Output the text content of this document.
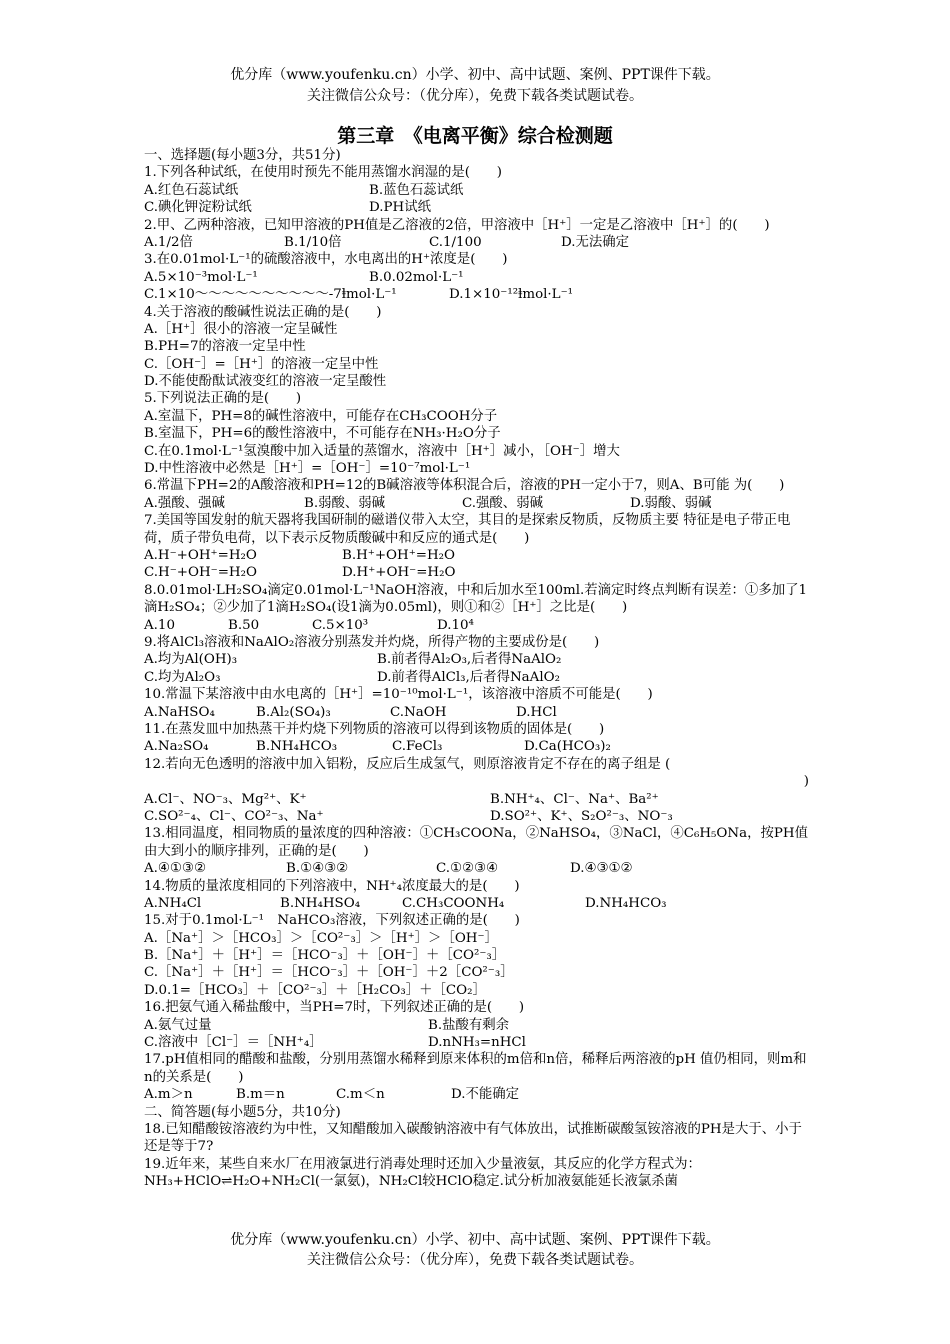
优分库（www.youfenku.cn）小学、初中、高中试题、案例、PPT课件下载。
关注微信公众号：（优分库），免费下载各类试题试卷。
第三章　《电离平衡》综合检测题
一、选择题(每小题3分，共51分)
1.下列各种试纸，在使用时预先不能用蒸馏水润湿的是(　　)
A.红色石蕊试纸	B.蓝色石蕊试纸
C.碘化钾淀粉试纸	D.PH试纸
2.甲、乙两种溶液，已知甲溶液的PH值是乙溶液的2倍，甲溶液中［H⁺］一定是乙溶液中［H⁺］的(　　)
A.1/2倍	B.1/10倍	C.1/100	D.无法确定
3.在0.01mol·L⁻¹的硫酸溶液中，水电离出的H⁺浓度是(　　)
A.5×10⁻³mol·L⁻¹	B.0.02mol·L⁻¹
C.1×10〜〜〜〜〜〜〜〜〜〜-7ⱡmol·L⁻¹	D.1×10⁻¹²ⱡmol·L⁻¹
4.关于溶液的酸碱性说法正确的是(　　)
A.［H⁺］很小的溶液一定呈碱性
B.PH=7的溶液一定呈中性
C.［OH⁻］=［H⁺］的溶液一定呈中性
D.不能使酚酞试液变红的溶液一定呈酸性
5.下列说法正确的是(　　)
A.室温下，PH=8的碱性溶液中，可能存在CH₃COOH分子
B.室温下，PH=6的酸性溶液中，不可能存在NH₃·H₂O分子
C.在0.1mol·L⁻¹氢溴酸中加入适量的蒸馏水，溶液中［H⁺］减小，［OH⁻］增大
D.中性溶液中必然是［H⁺］=［OH⁻］=10⁻⁷mol·L⁻¹
6.常温下PH=2的A酸溶液和PH=12的B碱溶液等体积混合后，溶液的PH一定小于7，则A、B可能 为(　　)
A.强酸、强碱	B.弱酸、弱碱	C.强酸、弱碱	D.弱酸、弱碱
7.美国等国发射的航天器将我国研制的磁谱仪带入太空，其目的是探索反物质，反物质主要 特征是电子带正电荷，质子带负电荷，以下表示反物质酸碱中和反应的通式是(　　)
A.H⁻+OH⁺=H₂O	B.H⁺+OH⁺=H₂O
C.H⁻+OH⁻=H₂O	D.H⁺+OH⁻=H₂O
8.0.01mol·LH₂SO₄滴定0.01mol·L⁻¹NaOH溶液，中和后加水至100ml.若滴定时终点判断有误差：①多加了1滴H₂SO₄；②少加了1滴H₂SO₄(设1滴为0.05ml)，则①和②［H⁺］之比是(　　)
A.10	B.50	C.5×10³	D.10⁴
9.将AlCl₃溶液和NaAlO₂溶液分别蒸发并灼烧，所得产物的主要成份是(　　)
A.均为Al(OH)₃	B.前者得Al₂O₃,后者得NaAlO₂
C.均为Al₂O₃	D.前者得AlCl₃,后者得NaAlO₂
10.常温下某溶液中由水电离的［H⁺］=10⁻¹⁰mol·L⁻¹，该溶液中溶质不可能是(　　)
A.NaHSO₄	B.Al₂(SO₄)₃	C.NaOH	D.HCl
11.在蒸发皿中加热蒸干并灼烧下列物质的溶液可以得到该物质的固体是(　　)
A.Na₂SO₄	B.NH₄HCO₃	C.FeCl₃	D.Ca(HCO₃)₂
12.若向无色透明的溶液中加入铝粉，反应后生成氢气，则原溶液肯定不存在的离子组是 (
)
A.Cl⁻、NO⁻₃、Mg²⁺、K⁺	B.NH⁺₄、Cl⁻、Na⁺、Ba²⁺
C.SO²⁻₄、Cl⁻、CO²⁻₃、Na⁺	D.SO²⁺、K⁺、S₂O²⁻₃、NO⁻₃
13.相同温度，相同物质的量浓度的四种溶液：①CH₃COONa，②NaHSO₄，③NaCl，④C₆H₅ONa，按PH值由大到小的顺序排列，正确的是(　　)
A.④①③②	B.①④③②	C.①②③④	D.④③①②
14.物质的量浓度相同的下列溶液中，NH⁺₄浓度最大的是(　　)
A.NH₄Cl	B.NH₄HSO₄	C.CH₃COONH₄	D.NH₄HCO₃
15.对于0.1mol·L⁻¹　NaHCO₃溶液，下列叙述正确的是(　　)
A.［Na⁺］＞［HCO₃］＞［CO²⁻₃］＞［H⁺］＞［OH⁻］
B.［Na⁺］＋［H⁺］＝［HCO⁻₃］＋［OH⁻］＋［CO²⁻₃］
C.［Na⁺］＋［H⁺］＝［HCO⁻₃］＋［OH⁻］＋2［CO²⁻₃］
D.0.1=［HCO₃］＋［CO²⁻₃］＋［H₂CO₃］＋［CO₂］
16.把氨气通入稀盐酸中，当PH=7时，下列叙述正确的是(　　)
A.氨气过量	B.盐酸有剩余
C.溶液中［Cl⁻］＝［NH⁺₄］	D.nNH₃=nHCl
17.pH值相同的醋酸和盐酸，分别用蒸馏水稀释到原来体积的m倍和n倍，稀释后两溶液的pH 值仍相同，则m和n的关系是(　　)
A.m＞n	B.m＝n	C.m＜n	D.不能确定
二、简答题(每小题5分，共10分)
18.已知醋酸铵溶液约为中性，又知醋酸加入碳酸钠溶液中有气体放出，试推断碳酸氢铵溶液的PH是大于、小于还是等于7?
19.近年来，某些自来水厂在用液氯进行消毒处理时还加入少量液氨，其反应的化学方程式为：NH₃+HClO⇌H₂O+NH₂Cl(一氯氨)，NH₂Cl较HClO稳定.试分析加液氨能延长液氯杀菌
优分库（www.youfenku.cn）小学、初中、高中试题、案例、PPT课件下载。
关注微信公众号：（优分库），免费下载各类试题试卷。
